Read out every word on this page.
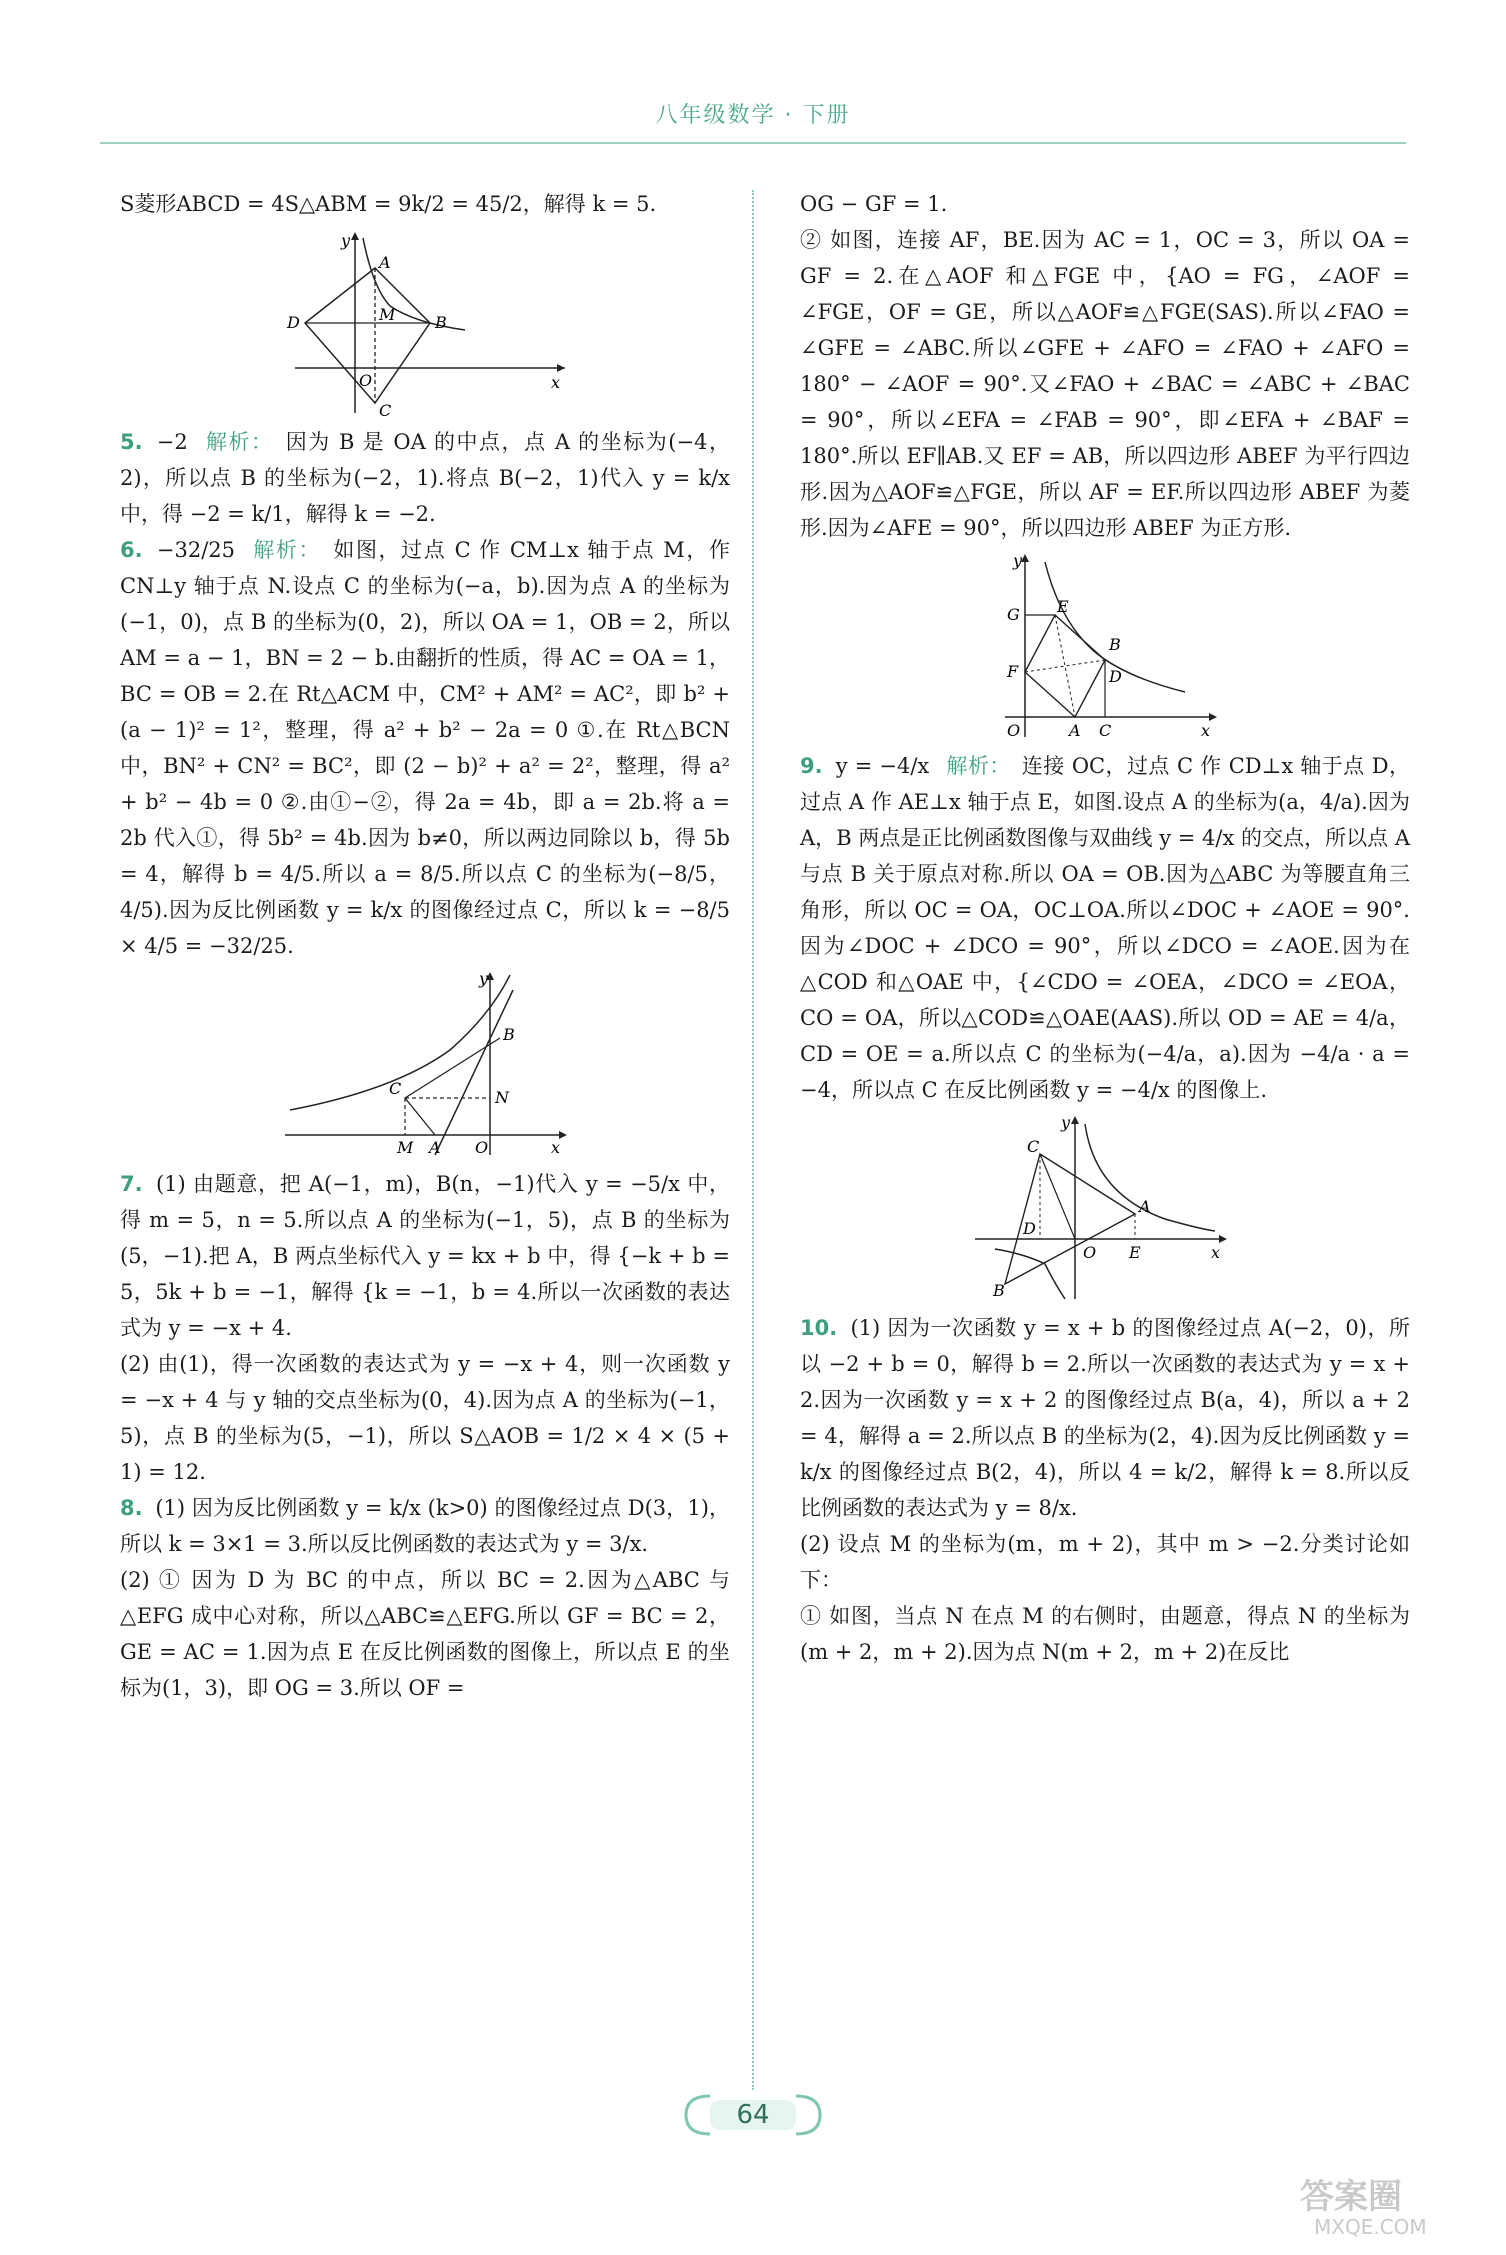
八年级数学 · 下册

S菱形ABCD = 4S△ABM = 9k/2 = 45/2，解得 k = 5.

y
A
M
D	B
O
C
x

5. −2 解析： 因为 B 是 OA 的中点，点 A 的坐标为(−4，2)，所以点 B 的坐标为(−2，1).将点 B(−2，1)代入 y = k/x 中，得 −2 = k/1，解得 k = −2.

6. −32/25 解析： 如图，过点 C 作 CM⊥x 轴于点 M，作 CN⊥y 轴于点 N.设点 C 的坐标为(−a，b).因为点 A 的坐标为(−1，0)，点 B 的坐标为(0，2)，所以 OA = 1，OB = 2，所以 AM = a − 1，BN = 2 − b.由翻折的性质，得 AC = OA = 1，BC = OB = 2.在 Rt△ACM 中，CM² + AM² = AC²，即 b² + (a − 1)² = 1²，整理，得 a² + b² − 2a = 0 ①.在 Rt△BCN 中，BN² + CN² = BC²，即 (2 − b)² + a² = 2²，整理，得 a² + b² − 4b = 0 ②.由①−②，得 2a = 4b，即 a = 2b.将 a = 2b 代入①，得 5b² = 4b.因为 b≠0，所以两边同除以 b，得 5b = 4，解得 b = 4/5.所以 a = 8/5.所以点 C 的坐标为(−8/5，4/5).因为反比例函数 y = k/x 的图像经过点 C，所以 k = −8/5 × 4/5 = −32/25.

y
B
C	N
M A O	x

7. (1) 由题意，把 A(−1，m)，B(n，−1)代入 y = −5/x 中，得 m = 5，n = 5.所以点 A 的坐标为(−1，5)，点 B 的坐标为(5，−1).把 A，B 两点坐标代入 y = kx + b 中，得 {−k + b = 5，5k + b = −1，解得 {k = −1，b = 4.所以一次函数的表达式为 y = −x + 4.

(2) 由(1)，得一次函数的表达式为 y = −x + 4，则一次函数 y = −x + 4 与 y 轴的交点坐标为(0，4).因为点 A 的坐标为(−1，5)，点 B 的坐标为(5，−1)，所以 S△AOB = 1/2 × 4 × (5 + 1) = 12.

8. (1) 因为反比例函数 y = k/x (k>0) 的图像经过点 D(3，1)，所以 k = 3×1 = 3.所以反比例函数的表达式为 y = 3/x.

(2) ① 因为 D 为 BC 的中点，所以 BC = 2.因为△ABC 与△EFG 成中心对称，所以△ABC≌△EFG.所以 GF = BC = 2，GE = AC = 1.因为点 E 在反比例函数的图像上，所以点 E 的坐标为(1，3)，即 OG = 3.所以 OF =

OG − GF = 1.

② 如图，连接 AF，BE.因为 AC = 1，OC = 3，所以 OA = GF = 2.在△AOF 和△FGE 中，{AO = FG，∠AOF = ∠FGE，OF = GE，所以△AOF≌△FGE(SAS).所以∠FAO = ∠GFE = ∠ABC.所以∠GFE + ∠AFO = ∠FAO + ∠AFO = 180° − ∠AOF = 90°.又∠FAO + ∠BAC = ∠ABC + ∠BAC = 90°，所以∠EFA = ∠FAB = 90°，即∠EFA + ∠BAF = 180°.所以 EF∥AB.又 EF = AB，所以四边形 ABEF 为平行四边形.因为△AOF≌△FGE，所以 AF = EF.所以四边形 ABEF 为菱形.因为∠AFE = 90°，所以四边形 ABEF 为正方形.

y
G E
B
D
F
O	A C	x

9. y = −4/x 解析： 连接 OC，过点 C 作 CD⊥x 轴于点 D，过点 A 作 AE⊥x 轴于点 E，如图.设点 A 的坐标为(a，4/a).因为 A，B 两点是正比例函数图像与双曲线 y = 4/x 的交点，所以点 A 与点 B 关于原点对称.所以 OA = OB.因为△ABC 为等腰直角三角形，所以 OC = OA，OC⊥OA.所以∠DOC + ∠AOE = 90°.因为∠DOC + ∠DCO = 90°，所以∠DCO = ∠AOE.因为在△COD 和△OAE 中，{∠CDO = ∠OEA，∠DCO = ∠EOA，CO = OA，所以△COD≌△OAE(AAS).所以 OD = AE = 4/a，CD = OE = a.所以点 C 的坐标为(−4/a，a).因为 −4/a · a = −4，所以点 C 在反比例函数 y = −4/x 的图像上.

y
C
A
D
O E
B
x

10. (1) 因为一次函数 y = x + b 的图像经过点 A(−2，0)，所以 −2 + b = 0，解得 b = 2.所以一次函数的表达式为 y = x + 2.因为一次函数 y = x + 2 的图像经过点 B(a，4)，所以 a + 2 = 4，解得 a = 2.所以点 B 的坐标为(2，4).因为反比例函数 y = k/x 的图像经过点 B(2，4)，所以 4 = k/2，解得 k = 8.所以反比例函数的表达式为 y = 8/x.

(2) 设点 M 的坐标为(m，m + 2)，其中 m > −2.分类讨论如下：

① 如图，当点 N 在点 M 的右侧时，由题意，得点 N 的坐标为(m + 2，m + 2).因为点 N(m + 2，m + 2)在反比

64
答案圈
MXQE.COM
